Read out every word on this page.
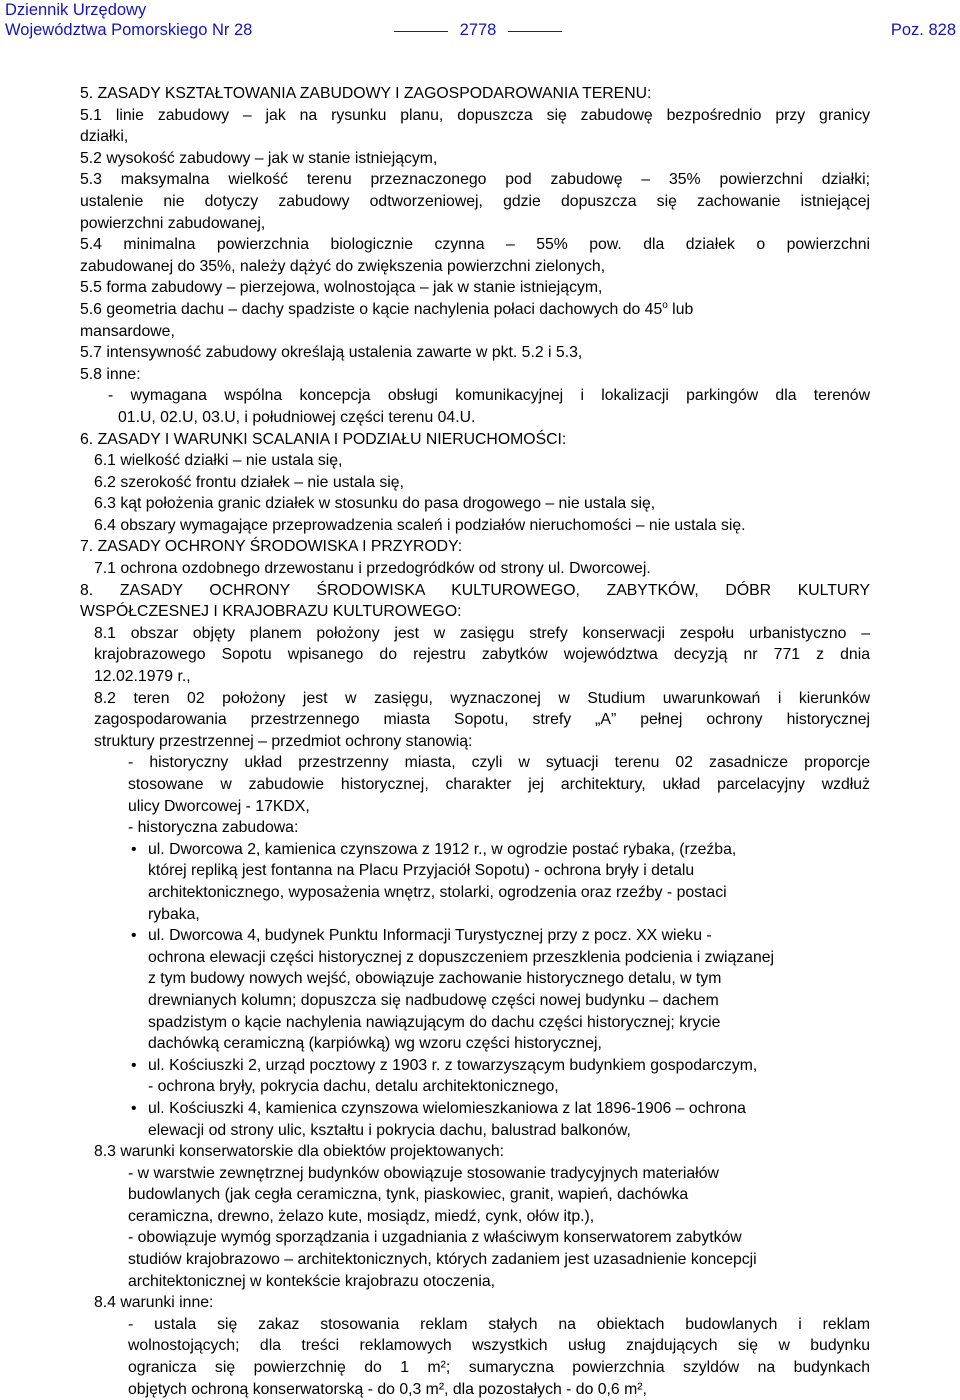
Dziennik Urzędowy
Województwa Pomorskiego Nr 28	2778	Poz. 828
5. ZASADY KSZTAŁTOWANIA ZABUDOWY I ZAGOSPODAROWANIA TERENU:
5.1 linie zabudowy – jak na rysunku planu, dopuszcza się zabudowę bezpośrednio przy granicy
działki,
5.2 wysokość zabudowy – jak w stanie istniejącym,
5.3 maksymalna wielkość terenu przeznaczonego pod zabudowę – 35% powierzchni działki;
ustalenie nie dotyczy zabudowy odtworzeniowej, gdzie dopuszcza się zachowanie istniejącej
powierzchni zabudowanej,
5.4 minimalna powierzchnia biologicznie czynna – 55% pow. dla działek o powierzchni
zabudowanej do 35%, należy dążyć do zwiększenia powierzchni zielonych,
5.5 forma zabudowy – pierzejowa, wolnostojąca – jak w stanie istniejącym,
5.6 geometria dachu – dachy spadziste o kącie nachylenia połaci dachowych do 45$^o$ lub
mansardowe,
5.7 intensywność zabudowy określają ustalenia zawarte w pkt. 5.2 i 5.3,
5.8 inne:
- wymagana wspólna koncepcja obsługi komunikacyjnej i lokalizacji parkingów dla terenów
01.U, 02.U, 03.U, i południowej części terenu 04.U.
6. ZASADY I WARUNKI SCALANIA I PODZIAŁU NIERUCHOMOŚCI:
6.1 wielkość działki – nie ustala się,
6.2 szerokość frontu działek – nie ustala się,
6.3 kąt położenia granic działek w stosunku do pasa drogowego – nie ustala się,
6.4 obszary wymagające przeprowadzenia scaleń i podziałów nieruchomości – nie ustala się.
7. ZASADY OCHRONY ŚRODOWISKA I PRZYRODY:
7.1 ochrona ozdobnego drzewostanu i przedogródków od strony ul. Dworcowej.
8. ZASADY OCHRONY ŚRODOWISKA KULTUROWEGO, ZABYTKÓW, DÓBR KULTURY
WSPÓŁCZESNEJ I KRAJOBRAZU KULTUROWEGO:
8.1 obszar objęty planem położony jest w zasięgu strefy konserwacji zespołu urbanistyczno –
krajobrazowego Sopotu wpisanego do rejestru zabytków województwa decyzją nr 771 z dnia
12.02.1979 r.,
8.2 teren 02 położony jest w zasięgu, wyznaczonej w Studium uwarunkowań i kierunków
zagospodarowania przestrzennego miasta Sopotu, strefy „A” pełnej ochrony historycznej
struktury przestrzennej – przedmiot ochrony stanowią:
- historyczny układ przestrzenny miasta, czyli w sytuacji terenu 02 zasadnicze proporcje
stosowane w zabudowie historycznej, charakter jej architektury, układ parcelacyjny wzdłuż
ulicy Dworcowej - 17KDX,
- historyczna zabudowa:
• ul. Dworcowa 2, kamienica czynszowa z 1912 r., w ogrodzie postać rybaka, (rzeźba,
której repliką jest fontanna na Placu Przyjaciół Sopotu) - ochrona bryły i detalu
architektonicznego, wyposażenia wnętrz, stolarki, ogrodzenia oraz rzeźby - postaci
rybaka,
• ul. Dworcowa 4, budynek Punktu Informacji Turystycznej przy z pocz. XX wieku -
ochrona elewacji części historycznej z dopuszczeniem przeszklenia podcienia i związanej
z tym budowy nowych wejść, obowiązuje zachowanie historycznego detalu, w tym
drewnianych kolumn; dopuszcza się nadbudowę części nowej budynku – dachem
spadzistym o kącie nachylenia nawiązującym do dachu części historycznej; krycie
dachówką ceramiczną (karpiówką) wg wzoru części historycznej,
• ul. Kościuszki 2, urząd pocztowy z 1903 r. z towarzyszącym budynkiem gospodarczym,
- ochrona bryły, pokrycia dachu, detalu architektonicznego,
• ul. Kościuszki 4, kamienica czynszowa wielomieszkaniowa z lat 1896-1906 – ochrona
elewacji od strony ulic, kształtu i pokrycia dachu, balustrad balkonów,
8.3 warunki konserwatorskie dla obiektów projektowanych:
- w warstwie zewnętrznej budynków obowiązuje stosowanie tradycyjnych materiałów
budowlanych (jak cegła ceramiczna, tynk, piaskowiec, granit, wapień, dachówka
ceramiczna, drewno, żelazo kute, mosiądz, miedź, cynk, ołów itp.),
- obowiązuje wymóg sporządzania i uzgadniania z właściwym konserwatorem zabytków
studiów krajobrazowo – architektonicznych, których zadaniem jest uzasadnienie koncepcji
architektonicznej w kontekście krajobrazu otoczenia,
8.4 warunki inne:
- ustala się zakaz stosowania reklam stałych na obiektach budowlanych i reklam
wolnostojących; dla treści reklamowych wszystkich usług znajdujących się w budynku
ogranicza się powierzchnię do 1 m²; sumaryczna powierzchnia szyldów na budynkach
objętych ochroną konserwatorską - do 0,3 m², dla pozostałych - do 0,6 m²,
